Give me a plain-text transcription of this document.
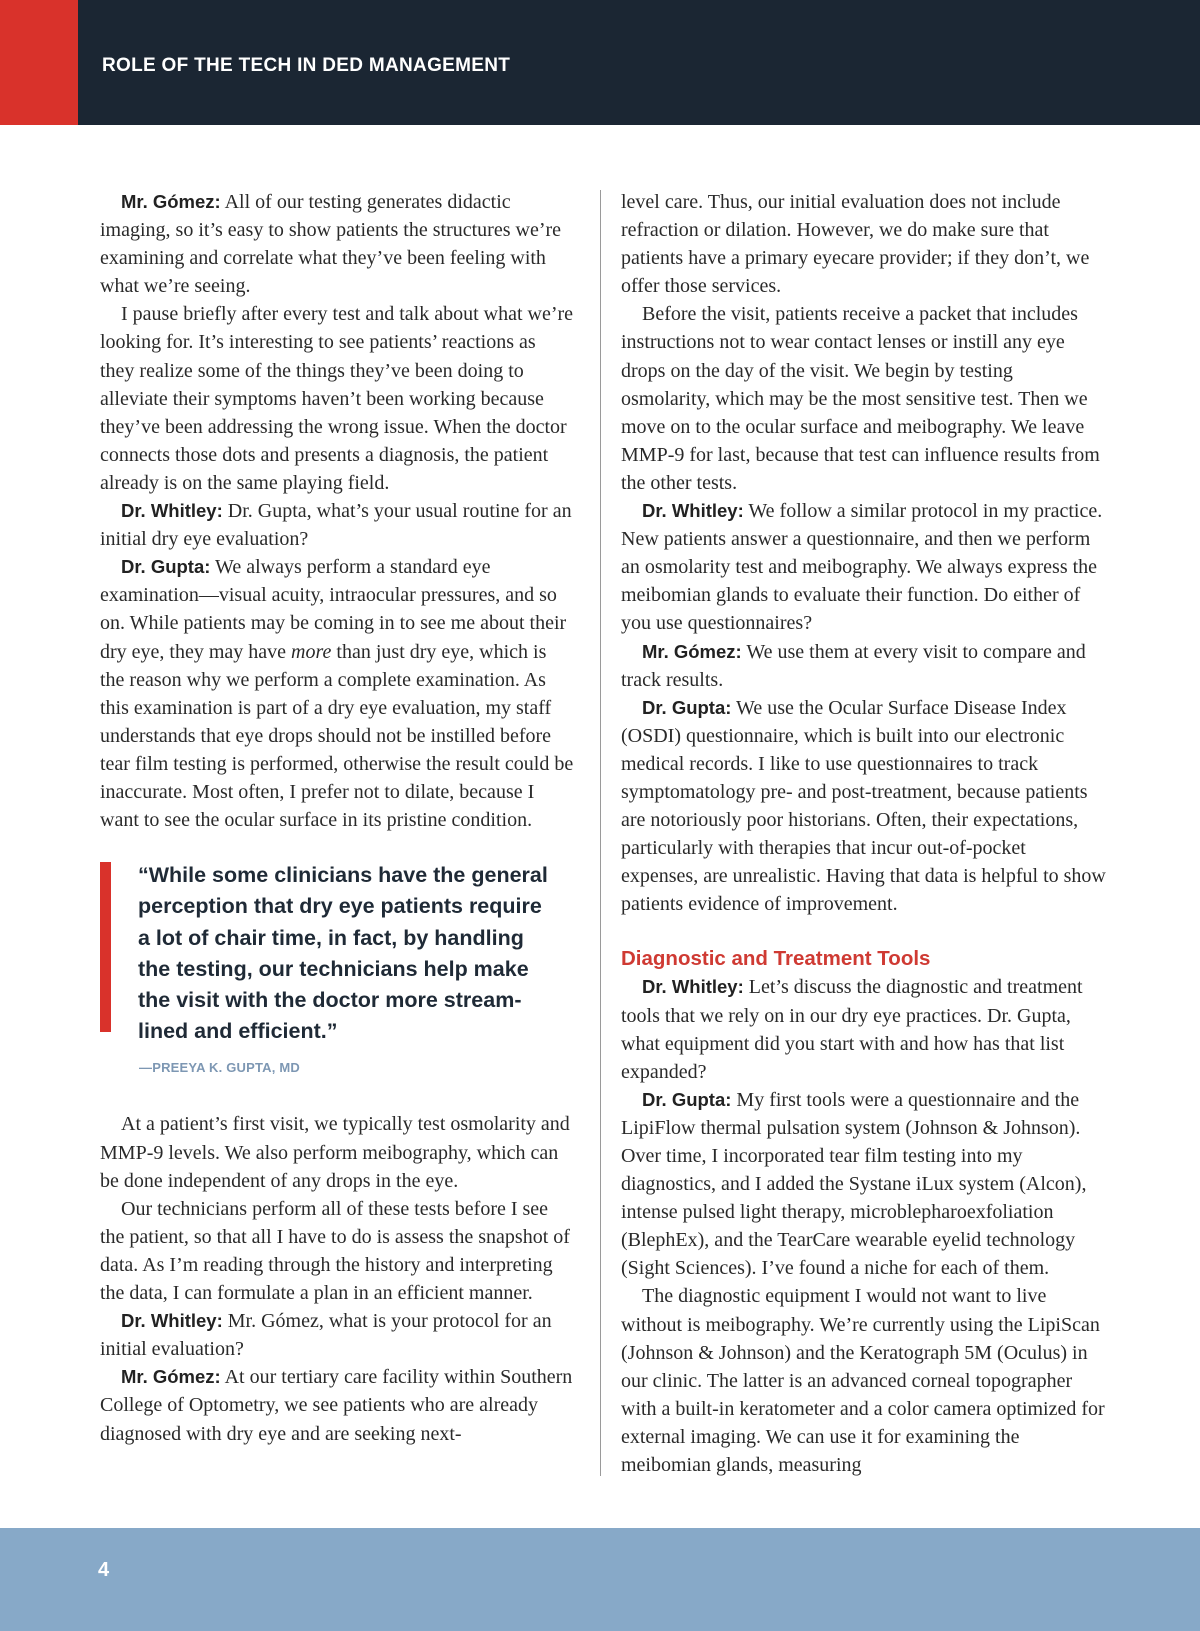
ROLE OF THE TECH IN DED MANAGEMENT

Mr. Gómez: All of our testing generates didactic imaging, so it’s easy to show patients the structures we’re examining and correlate what they’ve been feeling with what we’re seeing.

I pause briefly after every test and talk about what we’re looking for. It’s interesting to see patients’ reactions as they realize some of the things they’ve been doing to alleviate their symptoms haven’t been working because they’ve been addressing the wrong issue. When the doctor connects those dots and presents a diagnosis, the patient already is on the same playing field.

Dr. Whitley: Dr. Gupta, what’s your usual routine for an initial dry eye evaluation?

Dr. Gupta: We always perform a standard eye examination—visual acuity, intraocular pressures, and so on. While patients may be coming in to see me about their dry eye, they may have more than just dry eye, which is the reason why we perform a complete examination. As this examination is part of a dry eye evaluation, my staff understands that eye drops should not be instilled before tear film testing is performed, otherwise the result could be inaccurate. Most often, I prefer not to dilate, because I want to see the ocular surface in its pristine condition.

“While some clinicians have the general
perception that dry eye patients require
a lot of chair time, in fact, by handling
the testing, our technicians help make
the visit with the doctor more stream-
lined and efficient.”
—PREEYA K. GUPTA, MD

At a patient’s first visit, we typically test osmolarity and MMP-9 levels. We also perform meibography, which can be done independent of any drops in the eye.

Our technicians perform all of these tests before I see the patient, so that all I have to do is assess the snapshot of data. As I’m reading through the history and interpreting the data, I can formulate a plan in an efficient manner.

Dr. Whitley: Mr. Gómez, what is your protocol for an initial evaluation?

Mr. Gómez: At our tertiary care facility within Southern College of Optometry, we see patients who are already diagnosed with dry eye and are seeking next-

level care. Thus, our initial evaluation does not include refraction or dilation. However, we do make sure that patients have a primary eyecare provider; if they don’t, we offer those services.

Before the visit, patients receive a packet that includes instructions not to wear contact lenses or instill any eye drops on the day of the visit. We begin by testing osmolarity, which may be the most sensitive test. Then we move on to the ocular surface and meibography. We leave MMP-9 for last, because that test can influence results from the other tests.

Dr. Whitley: We follow a similar protocol in my practice. New patients answer a questionnaire, and then we perform an osmolarity test and meibography. We always express the meibomian glands to evaluate their function. Do either of you use questionnaires?

Mr. Gómez: We use them at every visit to compare and track results.

Dr. Gupta: We use the Ocular Surface Disease Index (OSDI) questionnaire, which is built into our electronic medical records. I like to use questionnaires to track symptomatology pre- and post-treatment, because patients are notoriously poor historians. Often, their expectations, particularly with therapies that incur out-of-pocket expenses, are unrealistic. Having that data is helpful to show patients evidence of improvement.

Diagnostic and Treatment Tools

Dr. Whitley: Let’s discuss the diagnostic and treatment tools that we rely on in our dry eye practices. Dr. Gupta, what equipment did you start with and how has that list expanded?

Dr. Gupta: My first tools were a questionnaire and the LipiFlow thermal pulsation system (Johnson & Johnson). Over time, I incorporated tear film testing into my diagnostics, and I added the Systane iLux system (Alcon), intense pulsed light therapy, microblepharoexfoliation (BlephEx), and the TearCare wearable eyelid technology (Sight Sciences). I’ve found a niche for each of them.

The diagnostic equipment I would not want to live without is meibography. We’re currently using the LipiScan (Johnson & Johnson) and the Keratograph 5M (Oculus) in our clinic. The latter is an advanced corneal topographer with a built-in keratometer and a color camera optimized for external imaging. We can use it for examining the meibomian glands, measuring

4
